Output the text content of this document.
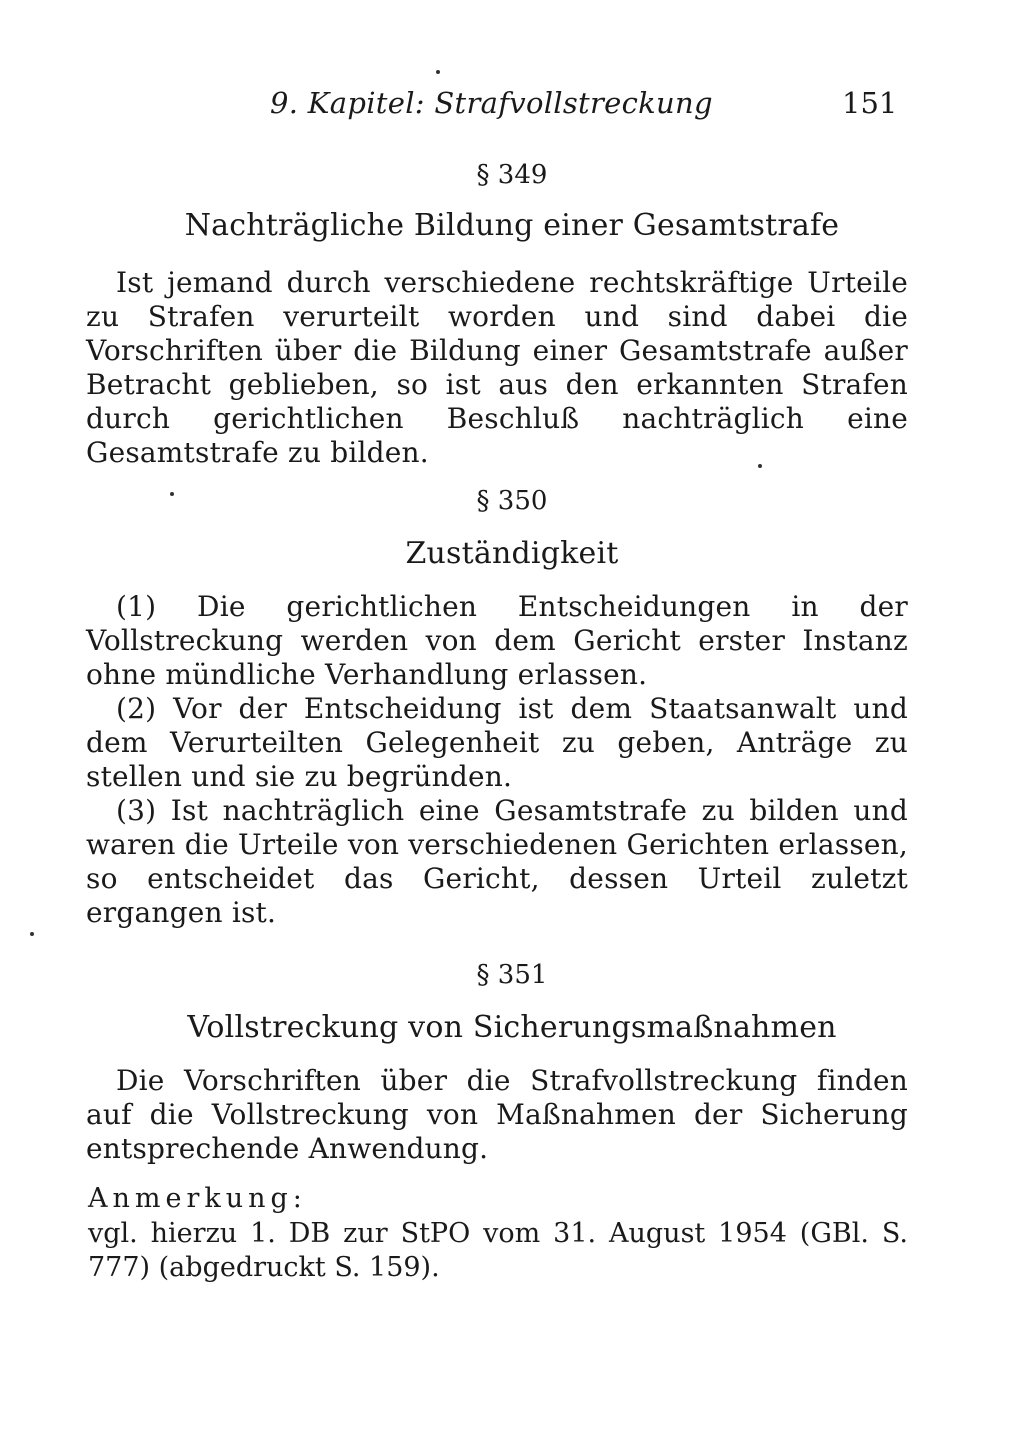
9. Kapitel: Strafvollstreckung	151
§ 349
Nachträgliche Bildung einer Gesamtstrafe

Ist jemand durch verschiedene rechtskräftige Urteile zu Strafen verurteilt worden und sind dabei die Vorschriften über die Bildung einer Gesamtstrafe außer Betracht geblieben, so ist aus den erkannten Strafen durch gerichtlichen Beschluß nachträglich eine Gesamtstrafe zu bilden.

§ 350
Zuständigkeit

(1) Die gerichtlichen Entscheidungen in der Vollstreckung werden von dem Gericht erster Instanz ohne mündliche Verhandlung erlassen.

(2) Vor der Entscheidung ist dem Staatsanwalt und dem Verurteilten Gelegenheit zu geben, Anträge zu stellen und sie zu begründen.

(3) Ist nachträglich eine Gesamtstrafe zu bilden und waren die Urteile von verschiedenen Gerichten erlassen, so entscheidet das Gericht, dessen Urteil zuletzt ergangen ist.

§ 351
Vollstreckung von Sicherungsmaßnahmen

Die Vorschriften über die Strafvollstreckung finden auf die Vollstreckung von Maßnahmen der Sicherung entsprechende Anwendung.

Anmerkung:
vgl. hierzu 1. DB zur StPO vom 31. August 1954 (GBl. S. 777) (abgedruckt S. 159).
